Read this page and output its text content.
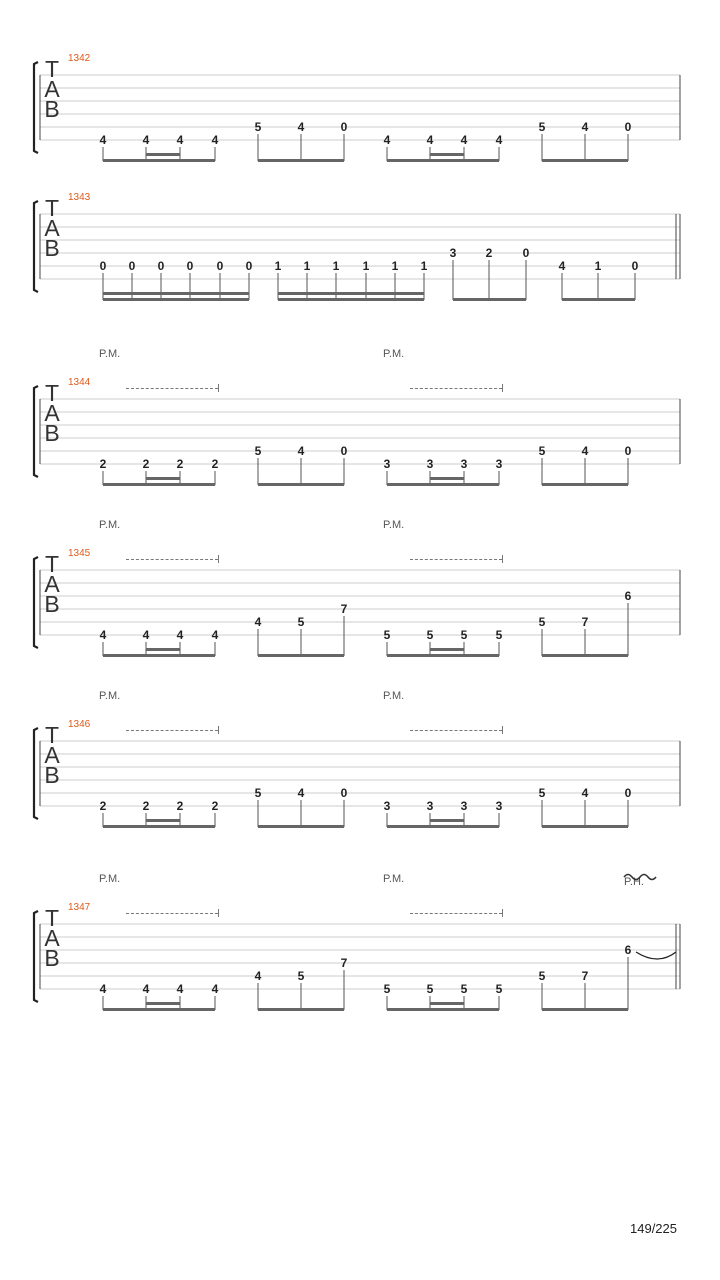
1342
T
A
B
4	4 4 4
5	4	0
4	4 4 4
5	4	0
1343
T
A
B
0 0 0 0 0 0 1 1 1 1 1 1
3 2	0
4 1	0
1344
P.M.	P.M.
T
A
B
2	2 2 2
5	4	0
3	3 3 3
5	4	0
1345
P.M.	P.M.
T
A
B
4	4 4 4
4	5
7
5	5 5 5
5	7
6
1346
P.M.	P.M.
T
A
B
2	2 2 2
5	4	0
3	3 3 3
5	4	0
1347
P.M.	P.M.	P.H.
T
A
B
4	4 4 4
4	5
7
5	5 5 5
5	7
6
149/225
